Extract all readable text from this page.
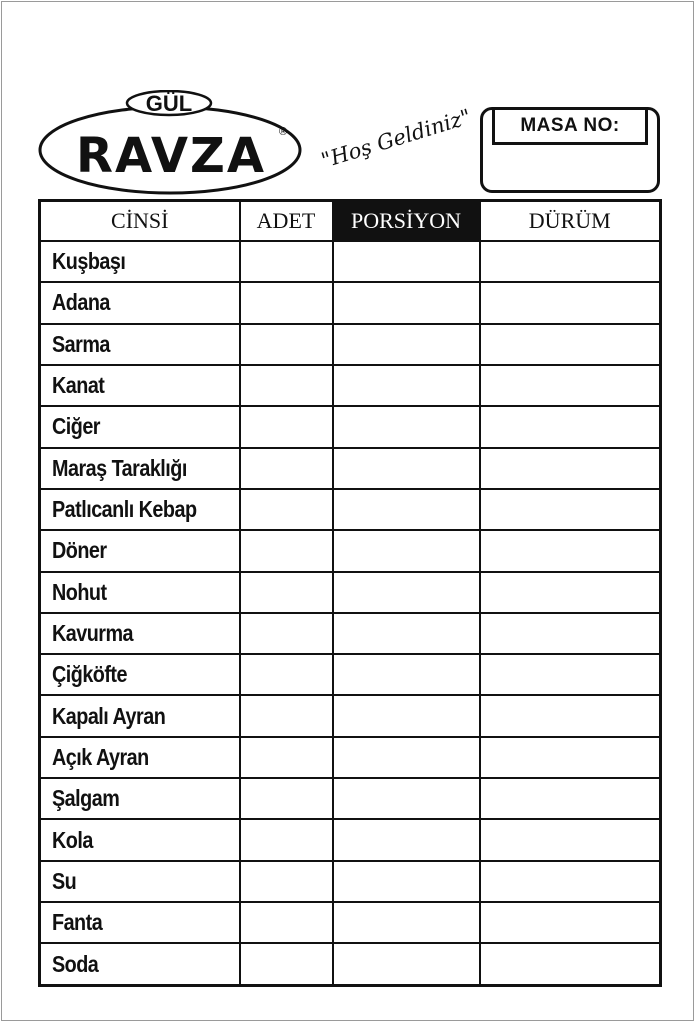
GÜL
RAVZA ® "Hoş Geldiniz"	MASA NO:
CİNSİ	ADET	PORSİYON	DÜRÜM
Kuşbaşı			
Adana			
Sarma			
Kanat			
Ciğer			
Maraş Taraklığı			
Patlıcanlı Kebap			
Döner			
Nohut			
Kavurma			
Çiğköfte			
Kapalı Ayran			
Açık Ayran			
Şalgam			
Kola			
Su			
Fanta			
Soda			
